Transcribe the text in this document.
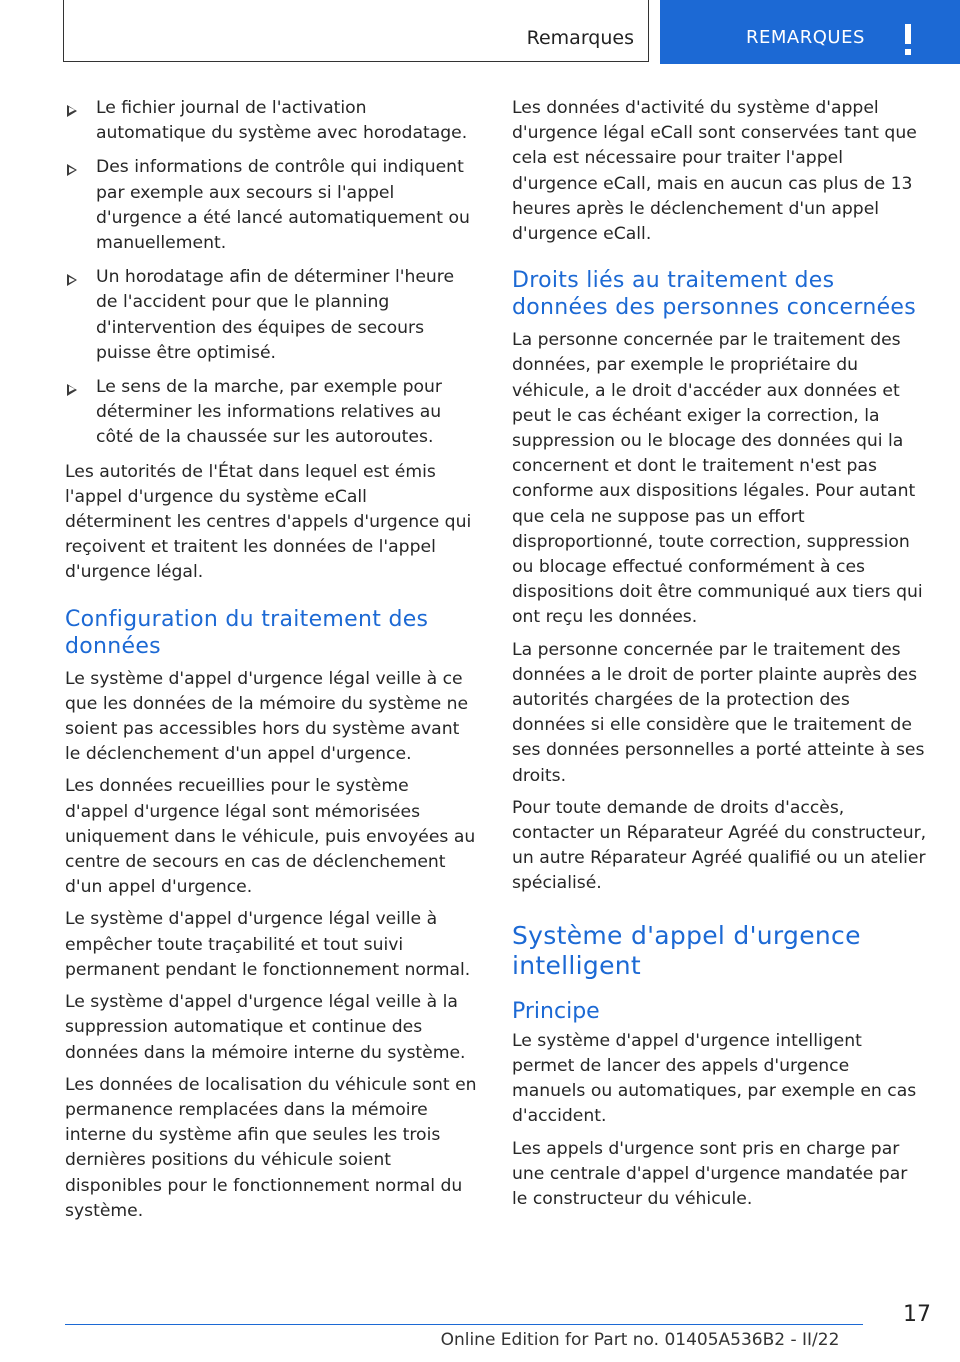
Remarques	REMARQUES
Le fichier journal de l'activation automatique du système avec horodatage.
Des informations de contrôle qui indiquent par exemple aux secours si l'appel d'urgence a été lancé automatiquement ou manuellement.
Un horodatage afin de déterminer l'heure de l'accident pour que le planning d'intervention des équipes de secours puisse être optimisé.
Le sens de la marche, par exemple pour déterminer les informations relatives au côté de la chaussée sur les autoroutes.

Les autorités de l'État dans lequel est émis l'appel d'urgence du système eCall déterminent les centres d'appels d'urgence qui reçoivent et traitent les données de l'appel d'urgence légal.

Configuration du traitement des données

Le système d'appel d'urgence légal veille à ce que les données de la mémoire du système ne soient pas accessibles hors du système avant le déclenchement d'un appel d'urgence.

Les données recueillies pour le système d'appel d'urgence légal sont mémorisées uniquement dans le véhicule, puis envoyées au centre de secours en cas de déclenchement d'un appel d'urgence.

Le système d'appel d'urgence légal veille à empêcher toute traçabilité et tout suivi permanent pendant le fonctionnement normal.

Le système d'appel d'urgence légal veille à la suppression automatique et continue des données dans la mémoire interne du système.

Les données de localisation du véhicule sont en permanence remplacées dans la mémoire interne du système afin que seules les trois dernières positions du véhicule soient disponibles pour le fonctionnement normal du système.

Les données d'activité du système d'appel d'urgence légal eCall sont conservées tant que cela est nécessaire pour traiter l'appel d'urgence eCall, mais en aucun cas plus de 13 heures après le déclenchement d'un appel d'urgence eCall.

Droits liés au traitement des données des personnes concernées

La personne concernée par le traitement des données, par exemple le propriétaire du véhicule, a le droit d'accéder aux données et peut le cas échéant exiger la correction, la suppression ou le blocage des données qui la concernent et dont le traitement n'est pas conforme aux dispositions légales. Pour autant que cela ne suppose pas un effort disproportionné, toute correction, suppression ou blocage effectué conformément à ces dispositions doit être communiqué aux tiers qui ont reçu les données.

La personne concernée par le traitement des données a le droit de porter plainte auprès des autorités chargées de la protection des données si elle considère que le traitement de ses données personnelles a porté atteinte à ses droits.

Pour toute demande de droits d'accès, contacter un Réparateur Agréé du constructeur, un autre Réparateur Agréé qualifié ou un atelier spécialisé.

Système d'appel d'urgence intelligent
Principe

Le système d'appel d'urgence intelligent permet de lancer des appels d'urgence manuels ou automatiques, par exemple en cas d'accident.

Les appels d'urgence sont pris en charge par une centrale d'appel d'urgence mandatée par le constructeur du véhicule.

17
Online Edition for Part no. 01405A536B2 - II/22
